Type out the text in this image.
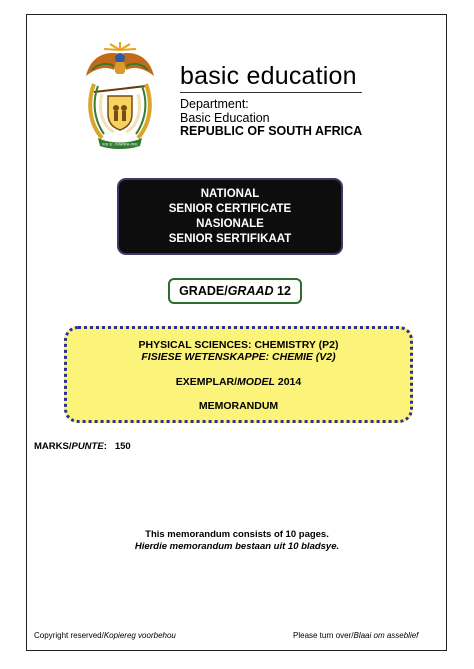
!KE E: /XARRA //KE
basic education
Department:
Basic Education
REPUBLIC OF SOUTH AFRICA
NATIONAL
SENIOR CERTIFICATE
NASIONALE
SENIOR SERTIFIKAAT
GRADE/ GRAAD
12
PHYSICAL SCIENCES: CHEMISTRY (P2)
FISIESE WETENSKAPPE: CHEMIE (V2)
EXEMPLAR/MODEL 2014
MEMORANDUM
MARKS/PUNTE: 150
This memorandum consists of 10 pages.
Hierdie memorandum bestaan uit 10 bladsye.
Copyright reserved/Kopiereg voorbehou	Please turn over/Blaai om asseblief
